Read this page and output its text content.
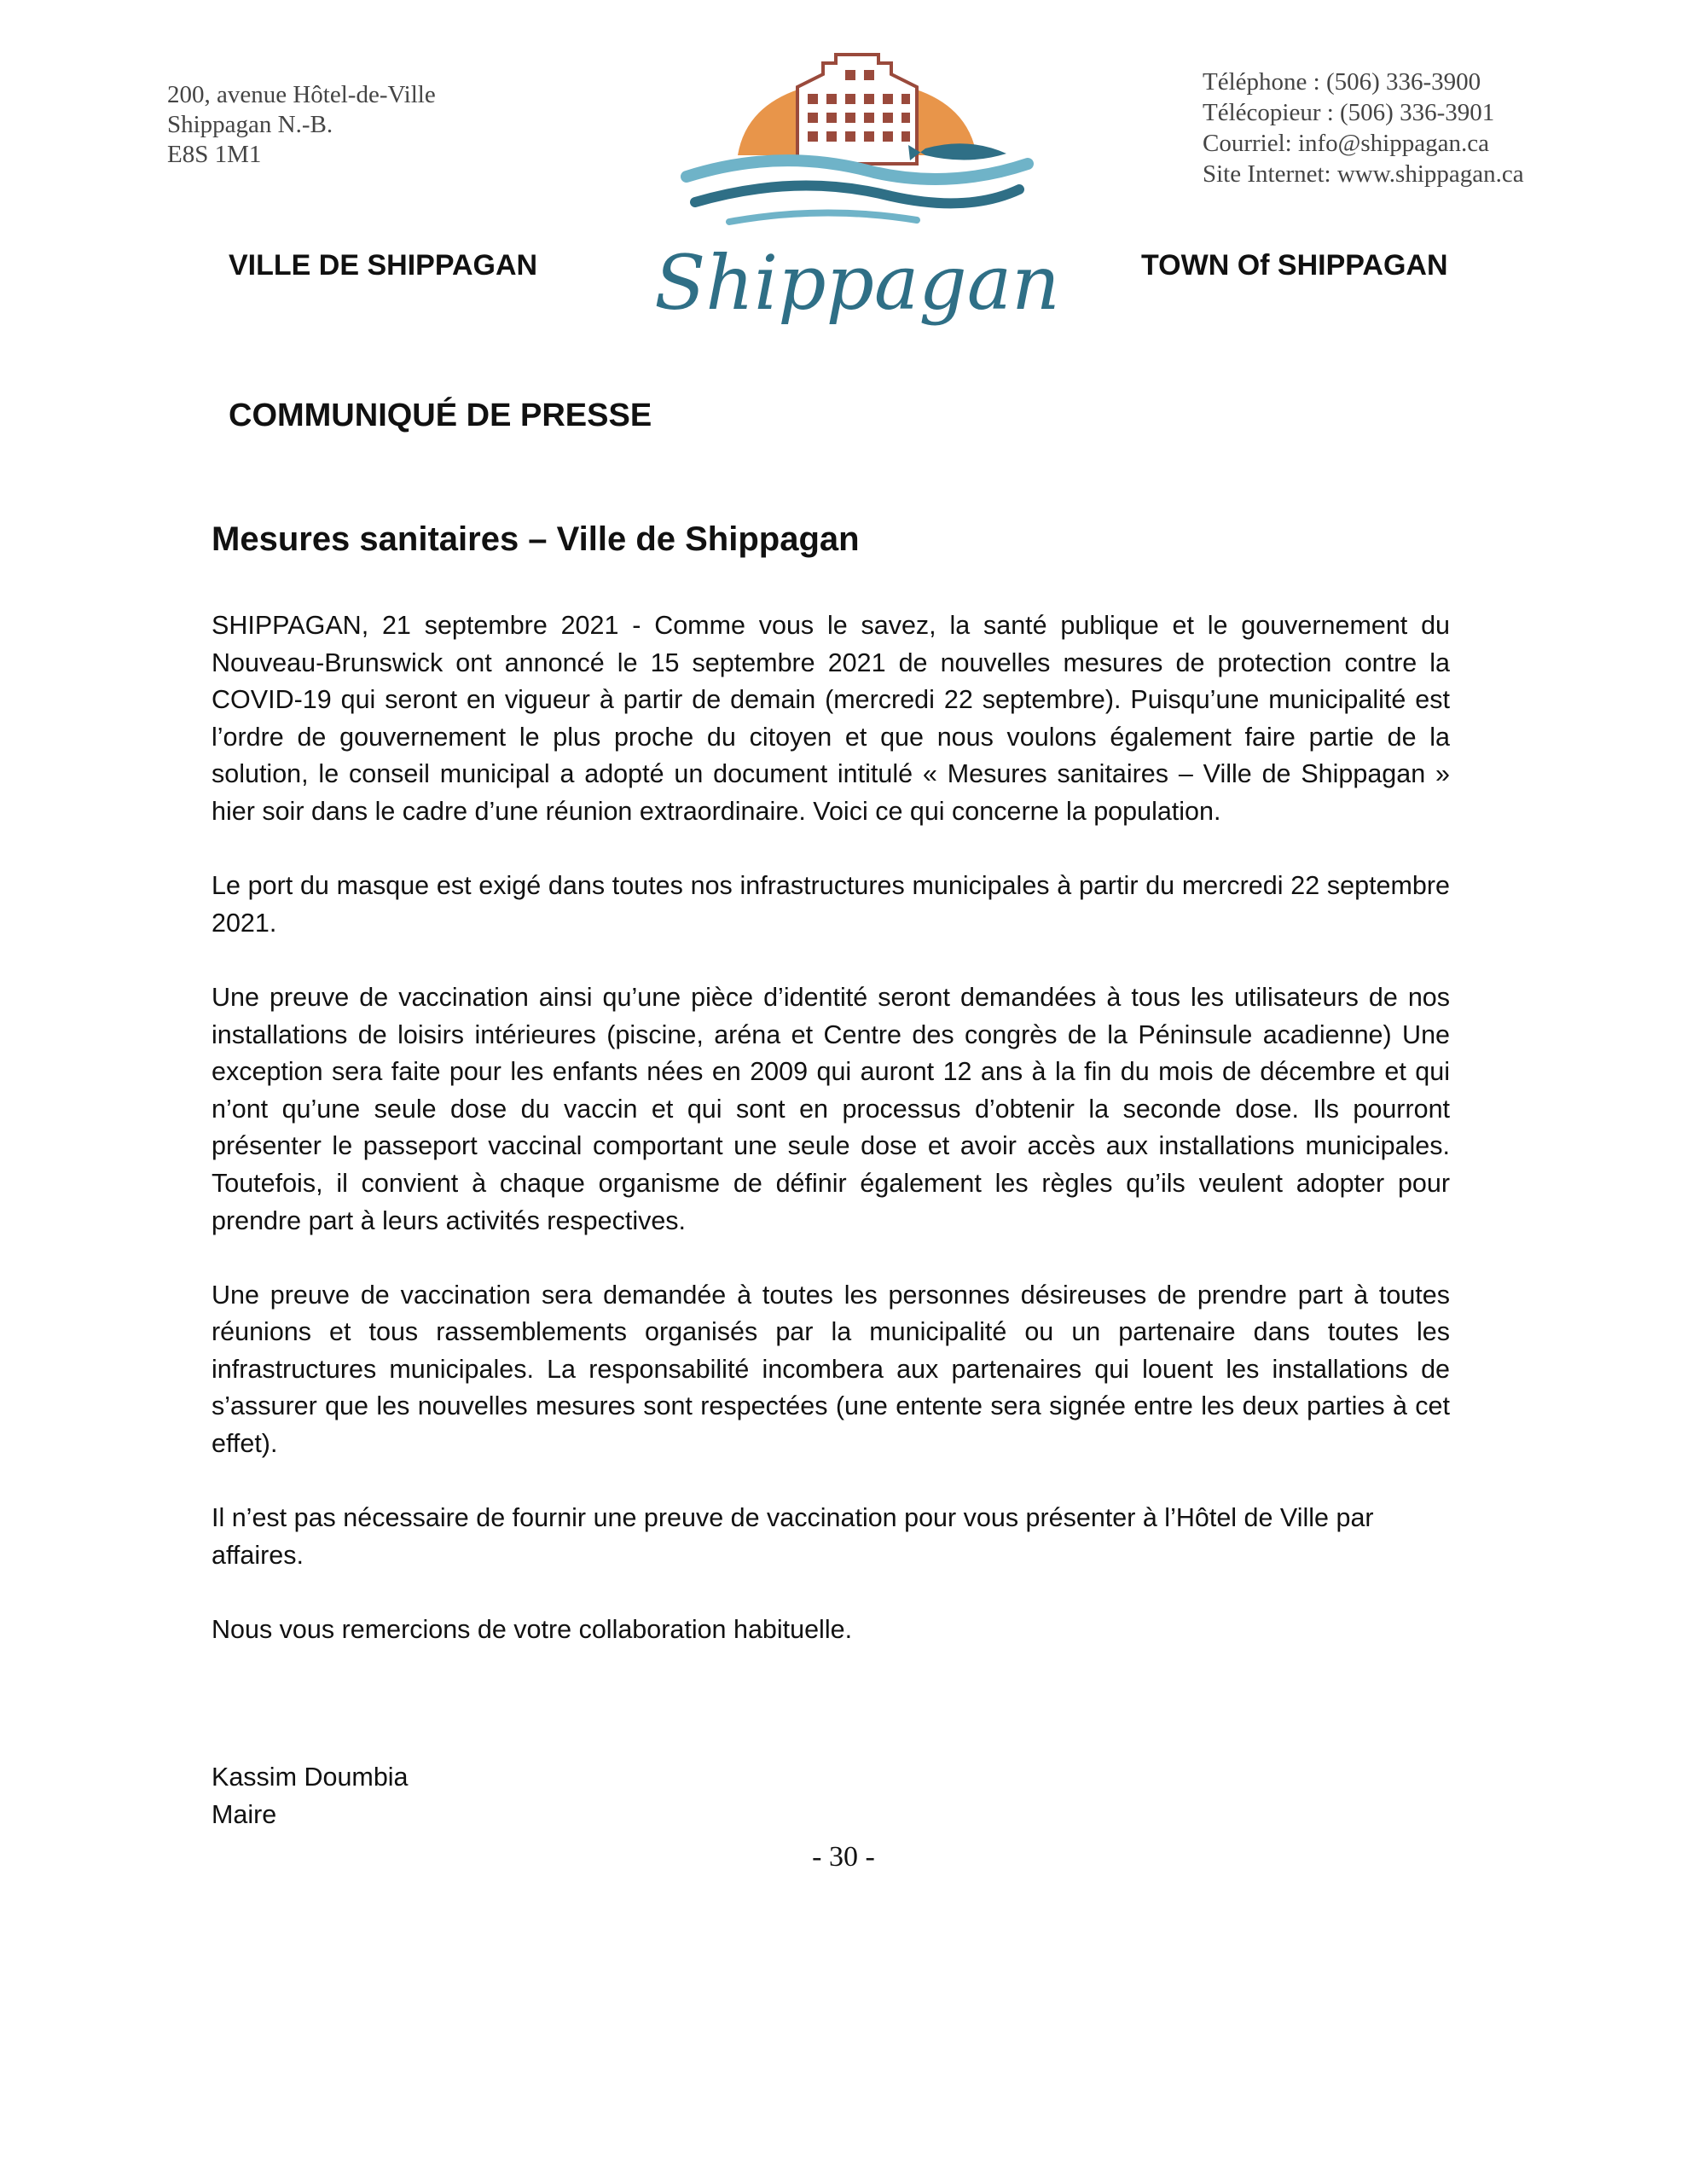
200, avenue Hôtel-de-Ville
Shippagan N.-B.
E8S 1M1
Shippagan
Téléphone : (506) 336-3900
Télécopieur : (506) 336-3901
Courriel: info@shippagan.ca
Site Internet: www.shippagan.ca
VILLE DE SHIPPAGAN	TOWN Of SHIPPAGAN
COMMUNIQUÉ DE PRESSE
Mesures sanitaires – Ville de Shippagan

SHIPPAGAN, 21 septembre 2021 - Comme vous le savez, la santé publique et le gouvernement du Nouveau-Brunswick ont annoncé le 15 septembre 2021 de nouvelles mesures de protection contre la COVID-19 qui seront en vigueur à partir de demain (mercredi 22 septembre). Puisqu’une municipalité est l’ordre de gouvernement le plus proche du citoyen et que nous voulons également faire partie de la solution, le conseil municipal a adopté un document intitulé « Mesures sanitaires – Ville de Shippagan » hier soir dans le cadre d’une réunion extraordinaire. Voici ce qui concerne la population.

Le port du masque est exigé dans toutes nos infrastructures municipales à partir du mercredi 22 septembre 2021.

Une preuve de vaccination ainsi qu’une pièce d’identité seront demandées à tous les utilisateurs de nos installations de loisirs intérieures (piscine, aréna et Centre des congrès de la Péninsule acadienne) Une exception sera faite pour les enfants nées en 2009 qui auront 12 ans à la fin du mois de décembre et qui n’ont qu’une seule dose du vaccin et qui sont en processus d’obtenir la seconde dose. Ils pourront présenter le passeport vaccinal comportant une seule dose et avoir accès aux installations municipales. Toutefois, il convient à chaque organisme de définir également les règles qu’ils veulent adopter pour prendre part à leurs activités respectives.

Une preuve de vaccination sera demandée à toutes les personnes désireuses de prendre part à toutes réunions et tous rassemblements organisés par la municipalité ou un partenaire dans toutes les infrastructures municipales. La responsabilité incombera aux partenaires qui louent les installations de s’assurer que les nouvelles mesures sont respectées (une entente sera signée entre les deux parties à cet effet).

Il n’est pas nécessaire de fournir une preuve de vaccination pour vous présenter à l’Hôtel de Ville par affaires.

Nous vous remercions de votre collaboration habituelle.

Kassim Doumbia
Maire
- 30 -
